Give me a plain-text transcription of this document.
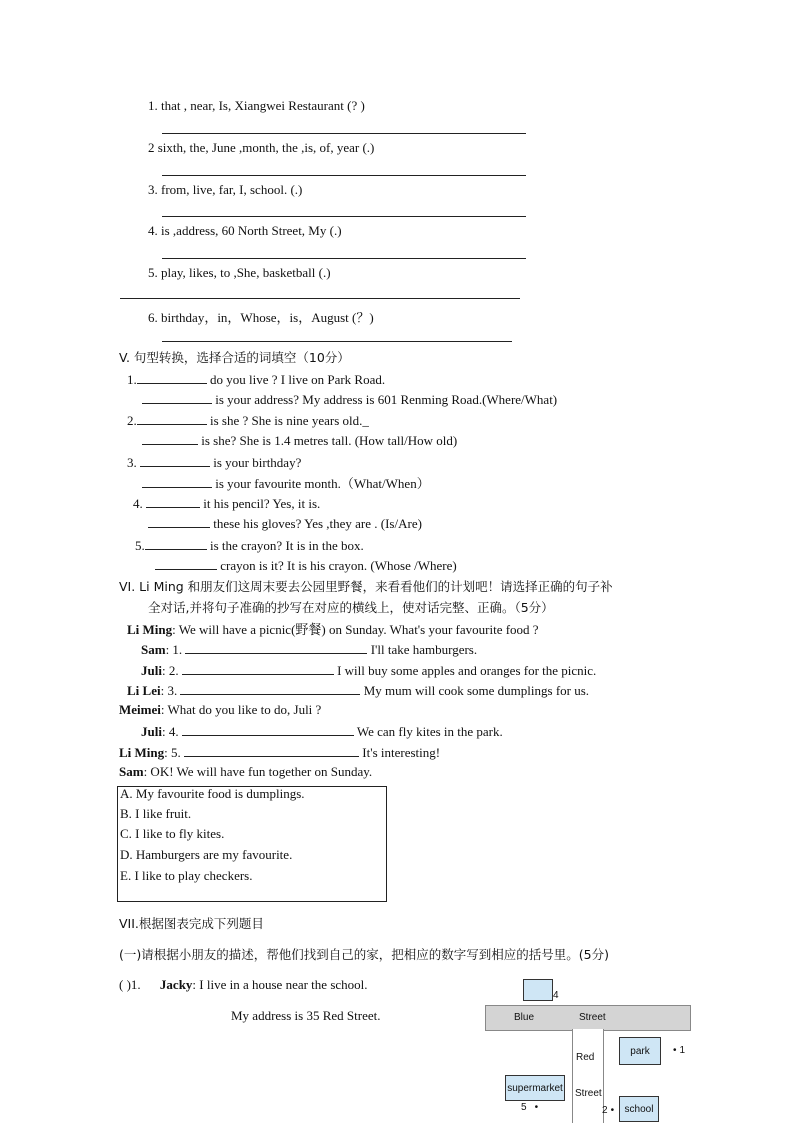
1. that , near, Is, Xiangwei Restaurant (? )
2 sixth, the, June ,month, the ,is, of, year (.)
3. from, live, far, I, school. (.)
4. is ,address, 60 North Street, My (.)
5. play, likes, to ,She, basketball (.)
6. birthday，in，Whose，is，August (？)
V. 句型转换，选择合适的词填空（10分）
1.	do you live ? I live on Park Road.
is your address? My address is 601 Renming Road.(Where/What)
2.	is she ? She is nine years old._
is she? She is 1.4 metres tall. (How tall/How old)
3.	is your birthday?
is your favourite month.（What/When）
4.	it his pencil? Yes, it is.
these his gloves? Yes ,they are . (Is/Are)
5.	is the crayon? It is in the box.
crayon is it? It is his crayon. (Whose /Where)
VI. Li Ming 和朋友们这周末要去公园里野餐，来看看他们的计划吧！请选择正确的句子补
全对话,并将句子准确的抄写在对应的横线上，使对话完整、正确。（5分）
Li Ming: We will have a picnic(野餐) on Sunday. What's your favourite food ?
Sam: 1.	I'll take hamburgers.
Juli: 2.	I will buy some apples and oranges for the picnic.
Li Lei: 3.	My mum will cook some dumplings for us.
Meimei: What do you like to do, Juli ?
Juli: 4.	We can fly kites in the park.
Li Ming: 5.	It's interesting!
Sam: OK! We will have fun together on Sunday.
A. My favourite food is dumplings.
B. I like fruit.
C. I like to fly kites.
D. Hamburgers are my favourite.
E. I like to play checkers.
VII.根据图表完成下列题目
(一)请根据小朋友的描述，帮他们找到自己的家，把相应的数字写到相应的括号里。(5分)
( )1. Jacky: I live in a house near the school.
My address is 35 Red Street.
4
Blue	Street
Red
Street
park	• 1
supermarket
5 •	2 •	school
